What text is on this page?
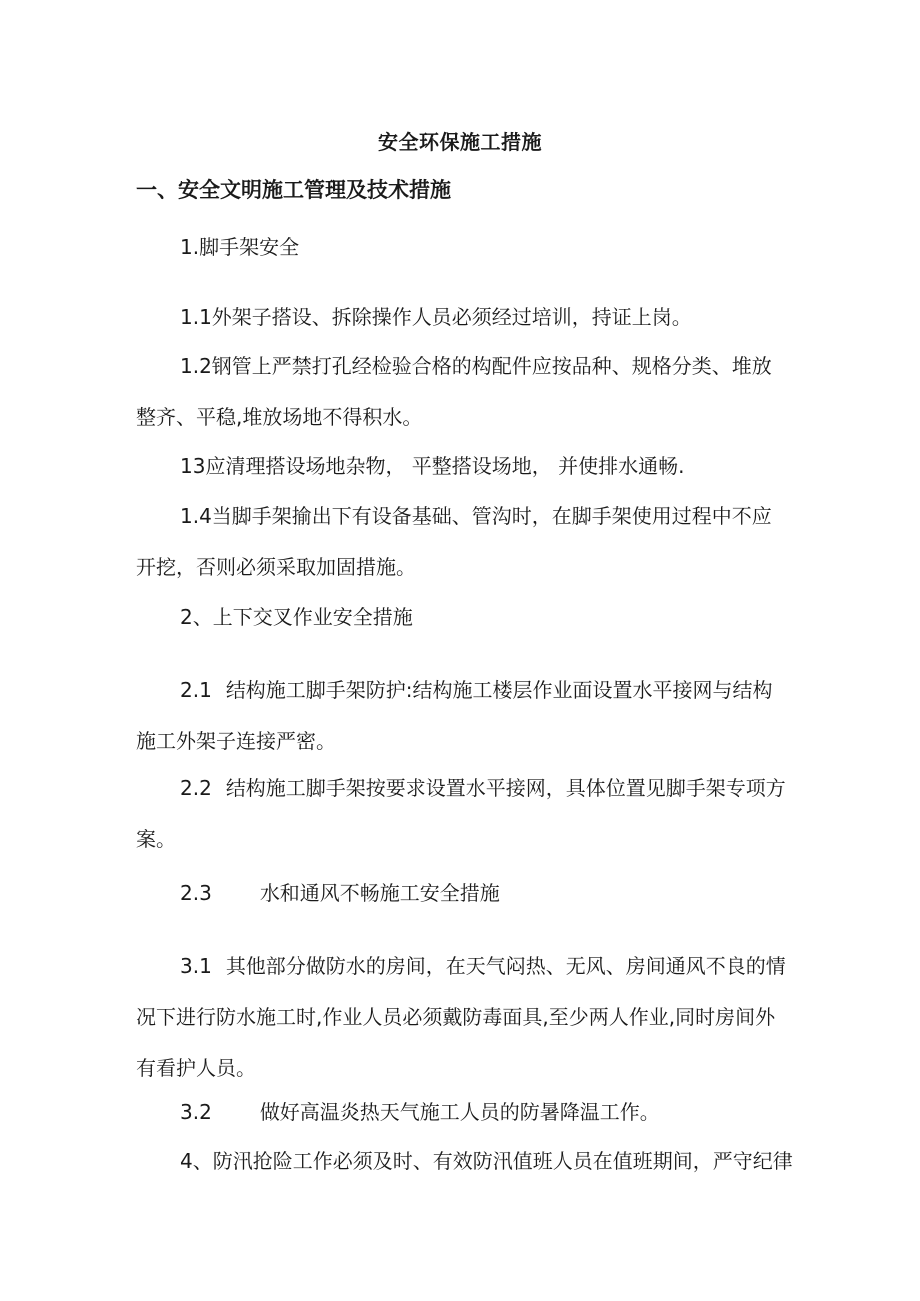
安全环保施工措施
一、安全文明施工管理及技术措施
1.脚手架安全
1.1外架子搭设、拆除操作人员必须经过培训，持证上岗。
1.2钢管上严禁打孔经检验合格的构配件应按品种、规格分类、堆放整齐、平稳,堆放场地不得积水。
13应清理搭设场地杂物， 平整搭设场地， 并使排水通畅.
1.4当脚手架揄出下有设备基础、管沟时，在脚手架使用过程中不应开挖，否则必须采取加固措施。
2、上下交叉作业安全措施
2.1 结构施工脚手架防护:结构施工楼层作业面设置水平接网与结构施工外架子连接严密。
2.2 结构施工脚手架按要求设置水平接网，具体位置见脚手架专项方案。
2.3 水和通风不畅施工安全措施
3.1 其他部分做防水的房间，在天气闷热、无风、房间通风不良的情况下进行防水施工时,作业人员必须戴防毒面具,至少两人作业,同时房间外有看护人员。
3.2 做好高温炎热天气施工人员的防暑降温工作。
4、防汛抢险工作必须及时、有效防汛值班人员在值班期间，严守纪律
